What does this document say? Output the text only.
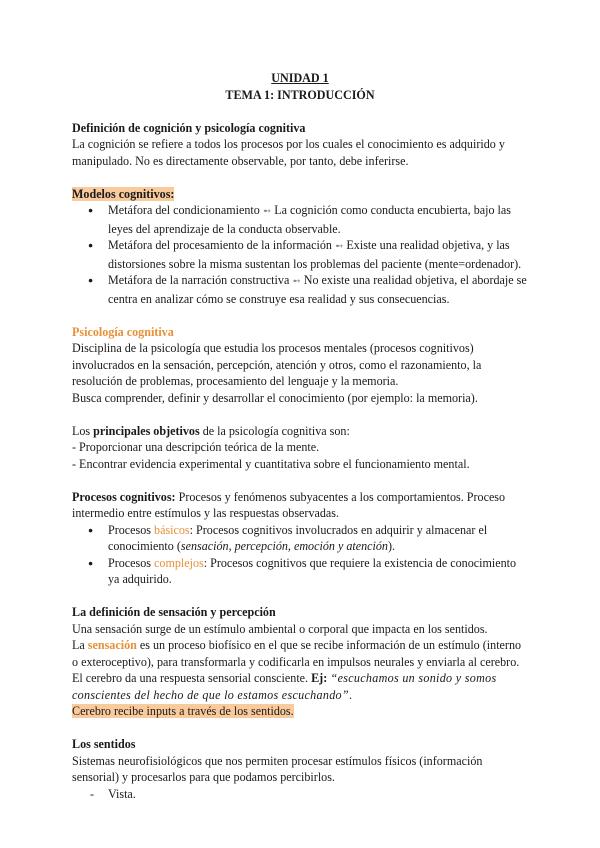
UNIDAD 1
TEMA 1: INTRODUCCIÓN

Definición de cognición y psicología cognitiva

La cognición se refiere a todos los procesos por los cuales el conocimiento es adquirido y manipulado. No es directamente observable, por tanto, debe inferirse.

Modelos cognitivos:

● Metáfora del condicionamiento ➻ La cognición como conducta encubierta, bajo las leyes del aprendizaje de la conducta observable.
● Metáfora del procesamiento de la información ➻ Existe una realidad objetiva, y las distorsiones sobre la misma sustentan los problemas del paciente (mente=ordenador).
● Metáfora de la narración constructiva ➻ No existe una realidad objetiva, el abordaje se centra en analizar cómo se construye esa realidad y sus consecuencias.

Psicología cognitiva

Disciplina de la psicología que estudia los procesos mentales (procesos cognitivos) involucrados en la sensación, percepción, atención y otros, como el razonamiento, la resolución de problemas, procesamiento del lenguaje y la memoria.

Busca comprender, definir y desarrollar el conocimiento (por ejemplo: la memoria).

Los principales objetivos de la psicología cognitiva son:

- Proporcionar una descripción teórica de la mente.

- Encontrar evidencia experimental y cuantitativa sobre el funcionamiento mental.

Procesos cognitivos: Procesos y fenómenos subyacentes a los comportamientos. Proceso intermedio entre estímulos y las respuestas observadas.

● Procesos básicos: Procesos cognitivos involucrados en adquirir y almacenar el conocimiento (sensación, percepción, emoción y atención).
● Procesos complejos: Procesos cognitivos que requiere la existencia de conocimiento ya adquirido.

La definición de sensación y percepción

Una sensación surge de un estímulo ambiental o corporal que impacta en los sentidos.

La sensación es un proceso biofísico en el que se recibe información de un estímulo (interno o exteroceptivo), para transformarla y codificarla en impulsos neurales y enviarla al cerebro. El cerebro da una respuesta sensorial consciente. Ej: “escuchamos un sonido y somos conscientes del hecho de que lo estamos escuchando”.

Cerebro recibe inputs a través de los sentidos.

Los sentidos

Sistemas neurofisiológicos que nos permiten procesar estímulos físicos (información sensorial) y procesarlos para que podamos percibirlos.

- Vista.
